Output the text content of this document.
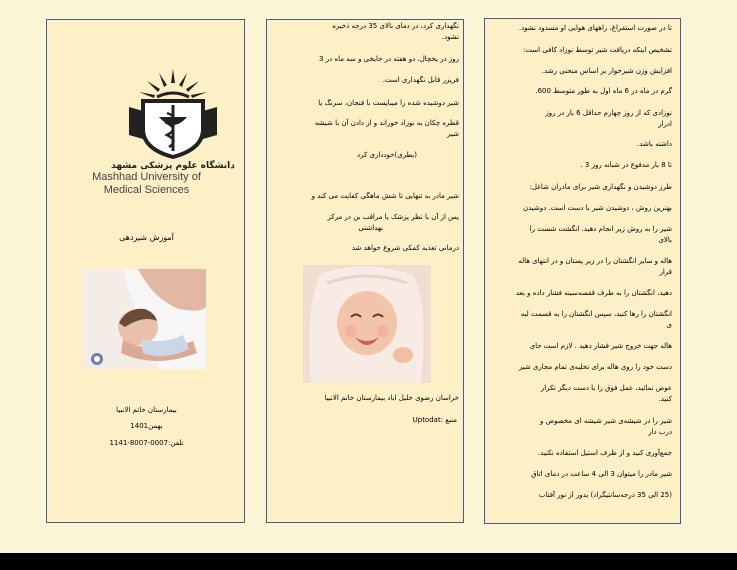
دانشگاه علوم پزشکی مشهد
Mashhad University of
Medical Sciences
آموزش شیردهی
بیمارستان خاتم الانبیا
بهمن1401
تلفن:0007-8007-1141
نگهداری کرد، در دمای بالای 35 درجه ذخیره
نشود.
روز در یخچال، دو هفته در جایخی و سه ماه در 3
فریزر قابل نگهداری است.
شیر دوشیده شده را میبایست با فنجان، سرنگ یا
قطره چکان به نوزاد خوراند و از دادن آن با شیشه
شیر
(بطری)خودداری کرد
شیر مادر به تنهایی تا شش ماهگی کفایت می کند و
پس از آن با نظر پزشک یا مراقب بن در مرکز
بهداشتی
درمانی تغذیه کمکی شروع خواهد شد
خراسان رضوی خلیل اباد بیمارستان خاتم الانبیا
منبع :Uptodat
تا در صورت استفراغ، راههای هوایی او مسدود نشود.
تشخیص اینکه دریافت شیر توسط نوزاد کافی است:
افزایش وزن شیرخوار بر اساس منحنی رشد.
گرم در ماه در 6 ماه اول به طور متوسط 600.
نوزادی که از روز چهارم حداقل 6 بار در روز
ادرار
داشته باشد.
تا 8 بار مدفوع در شبانه روز 3 .
طرز دوشیدن و نگهداری شیر برای مادران شاغل:
بهترین روش ، دوشیدن شیر با دست است. دوشیدن
شیر را به روش زیر انجام دهید. انگشت شست را
بالای
هاله و سایر انگشتان را در زیر پستان و در انتهای هاله
قرار
دهید، انگشتان را به طرف قفسه‌سینه فشار داده و بعد
انگشتان را رها کنید، سپس انگشتان را به قسمت لبه
ی
هاله جهت خروج شیر فشار دهید . لازم است جای
دست خود را روی هاله برای تخلیه‌ی تمام مجاری شیر
عوض نمائید، عمل فوق را با دست دیگر تکرار
کنید.
شیر را در شیشه‌ی شیر شیشه ای مخصوص و
درب دار
جمع‌آوری کنید و از ظرف استیل استفاده نکنید.
شیر مادر را میتوان 3 الی 4 ساعت در دمای اتاق
(25 الی 35 درجه‌سانتیگراد) بدور از نور آفتاب
